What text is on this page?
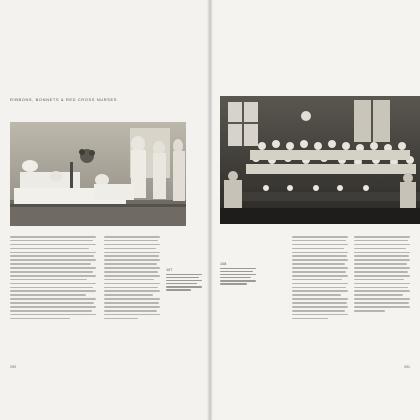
RIBBONS, BONNETS & RED CROSS NURSES
107
290
108
291
